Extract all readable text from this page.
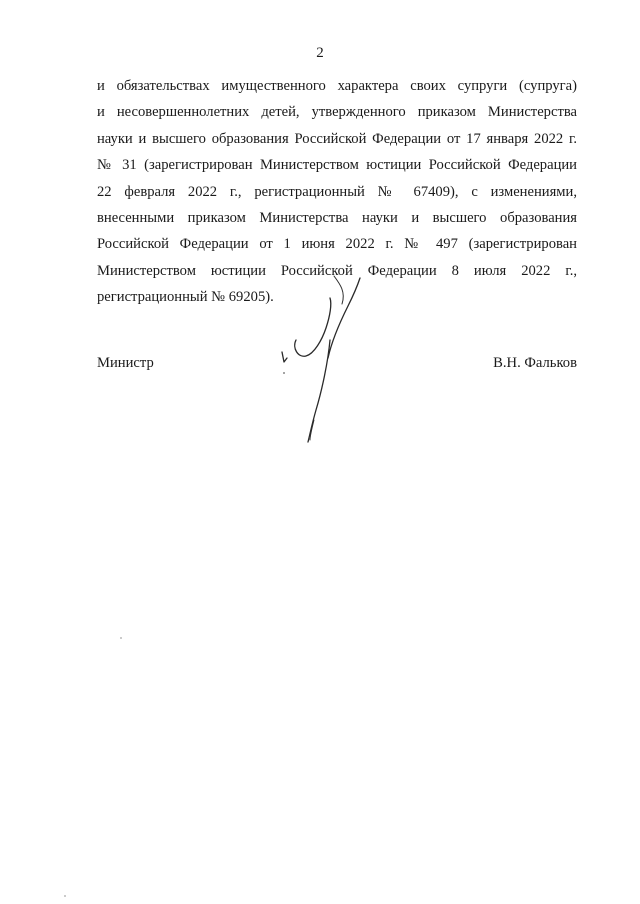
2
и обязательствах имущественного характера своих супруги (супруга)
и несовершеннолетних детей, утвержденного приказом Министерства
науки и высшего образования Российской Федерации от 17 января 2022 г.
№ 31 (зарегистрирован Министерством юстиции Российской Федерации
22 февраля 2022 г., регистрационный № 67409), с изменениями,
внесенными приказом Министерства науки и высшего образования
Российской Федерации от 1 июня 2022 г. № 497 (зарегистрирован
Министерством юстиции Российской Федерации 8 июля 2022 г.,
регистрационный № 69205).
Министр	В.Н. Фальков
